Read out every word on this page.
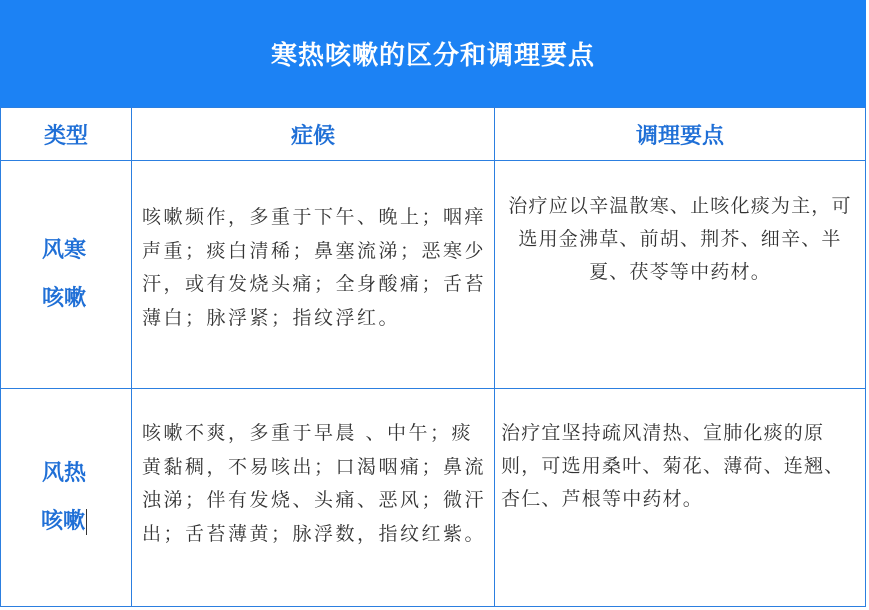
寒热咳嗽的区分和调理要点
类型	症候	调理要点
风寒
咳嗽
咳嗽频作，多重于下午、晚上；咽痒声重；痰白清稀；鼻塞流涕；恶寒少汗，或有发烧头痛；全身酸痛；舌苔薄白；脉浮紧；指纹浮红。
治疗应以辛温散寒、止咳化痰为主，可选用金沸草、前胡、荆芥、细辛、半夏、茯苓等中药材。
风热
咳嗽
咳嗽不爽，多重于早晨 、中午；痰黄黏稠，不易咳出；口渴咽痛；鼻流浊涕；伴有发烧、头痛、恶风；微汗出；舌苔薄黄；脉浮数，指纹红紫。
治疗宜坚持疏风清热、宣肺化痰的原则，可选用桑叶、菊花、薄荷、连翘、杏仁、芦根等中药材。
